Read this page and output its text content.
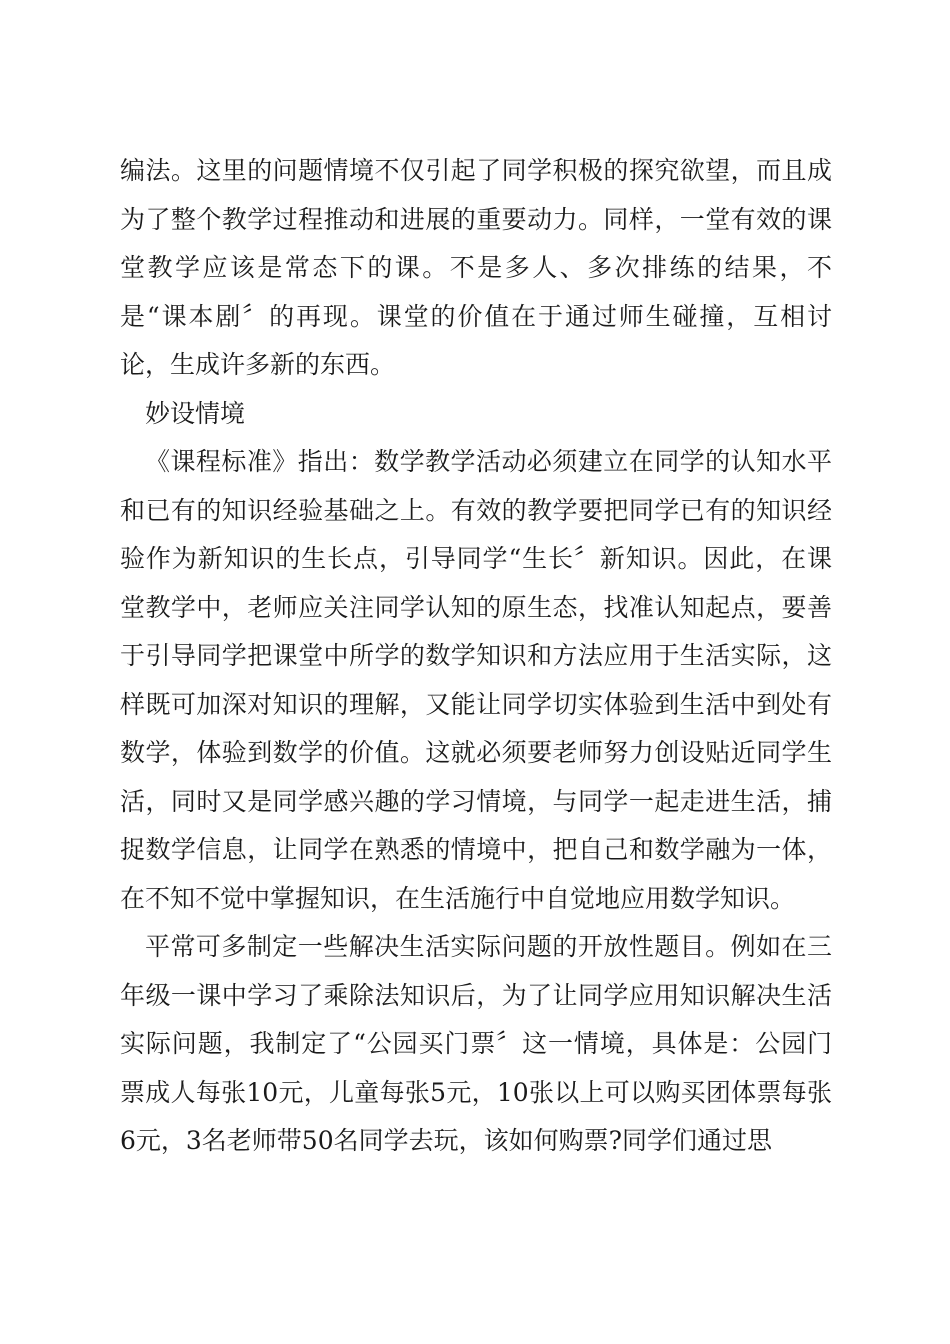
编法。这里的问题情境不仅引起了同学积极的探究欲望，而且成为了整个教学过程推动和进展的重要动力。同样，一堂有效的课堂教学应该是常态下的课。不是多人、多次排练的结果，不是“课本剧〞的再现。课堂的价值在于通过师生碰撞，互相讨论，生成许多新的东西。

妙设情境

《课程标准》指出：数学教学活动必须建立在同学的认知水平和已有的知识经验基础之上。有效的教学要把同学已有的知识经验作为新知识的生长点，引导同学“生长〞新知识。因此，在课堂教学中，老师应关注同学认知的原生态，找准认知起点，要善于引导同学把课堂中所学的数学知识和方法应用于生活实际，这样既可加深对知识的理解，又能让同学切实体验到生活中到处有数学，体验到数学的价值。这就必须要老师努力创设贴近同学生活，同时又是同学感兴趣的学习情境，与同学一起走进生活，捕捉数学信息，让同学在熟悉的情境中，把自己和数学融为一体，在不知不觉中掌握知识，在生活施行中自觉地应用数学知识。

平常可多制定一些解决生活实际问题的开放性题目。例如在三年级一课中学习了乘除法知识后，为了让同学应用知识解决生活实际问题，我制定了“公园买门票〞这一情境，具体是：公园门票成人每张10元，儿童每张5元，10张以上可以购买团体票每张6元，3名老师带50名同学去玩，该如何购票?同学们通过思
